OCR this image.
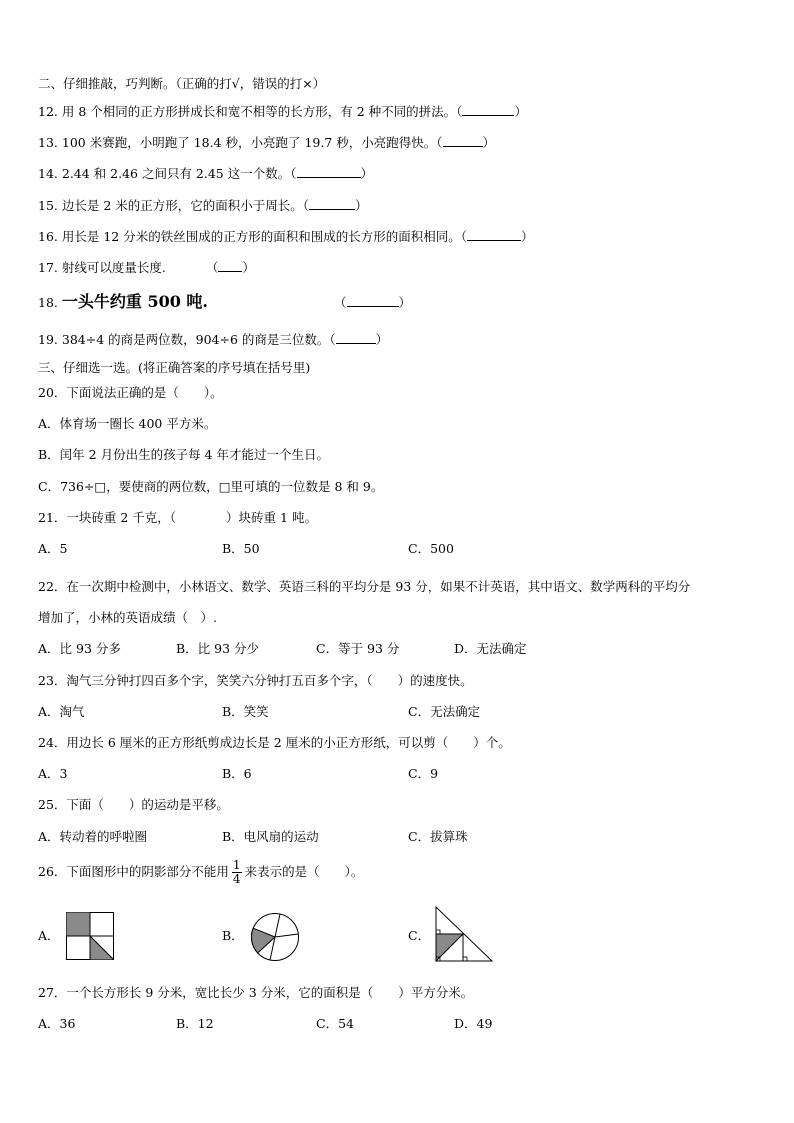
二、仔细推敲，巧判断。（正确的打√，错误的打×）
12. 用 8 个相同的正方形拼成长和宽不相等的长方形，有 2 种不同的拼法。（	）
13. 100 米赛跑，小明跑了 18.4 秒，小亮跑了 19.7 秒，小亮跑得快。（	）
14. 2.44 和 2.46 之间只有 2.45 这一个数。（	）
15. 边长是 2 米的正方形，它的面积小于周长。（	）
16. 用长是 12 分米的铁丝围成的正方形的面积和围成的长方形的面积相同。（	）
17. 射线可以度量长度.	（ ）
18. 一头牛约重 500 吨.	（	）
19. 384÷4 的商是两位数，904÷6 的商是三位数。（	）
三、仔细选一选。(将正确答案的序号填在括号里)
20．下面说法正确的是（　　）。
A．体育场一圈长 400 平方米。
B．闰年 2 月份出生的孩子每 4 年才能过一个生日。
C．736÷□，要使商的两位数，□里可填的一位数是 8 和 9。
21．一块砖重 2 千克，（　　　　）块砖重 1 吨。
A．5	B．50	C．500
22．在一次期中检测中，小林语文、数学、英语三科的平均分是 93 分，如果不计英语，其中语文、数学两科的平均分
增加了，小林的英语成绩（　）.
A．比 93 分多	B．比 93 分少	C．等于 93 分	D．无法确定
23．淘气三分钟打四百多个字，笑笑六分钟打五百多个字，（　　）的速度快。
A．淘气	B．笑笑	C．无法确定
24．用边长 6 厘米的正方形纸剪成边长是 2 厘米的小正方形纸，可以剪（　　）个。
A．3	B．6	C．9
25．下面（　　）的运动是平移。
A．转动着的呼啦圈	B．电风扇的运动	C．拔算珠
26．下面图形中的阴影部分不能用 $\frac{1}{4}$ 来表示的是（　　）。
A．	B．	C．
27．一个长方形长 9 分米，宽比长少 3 分米，它的面积是（　　）平方分米。
A．36	B．12	C．54	D．49
